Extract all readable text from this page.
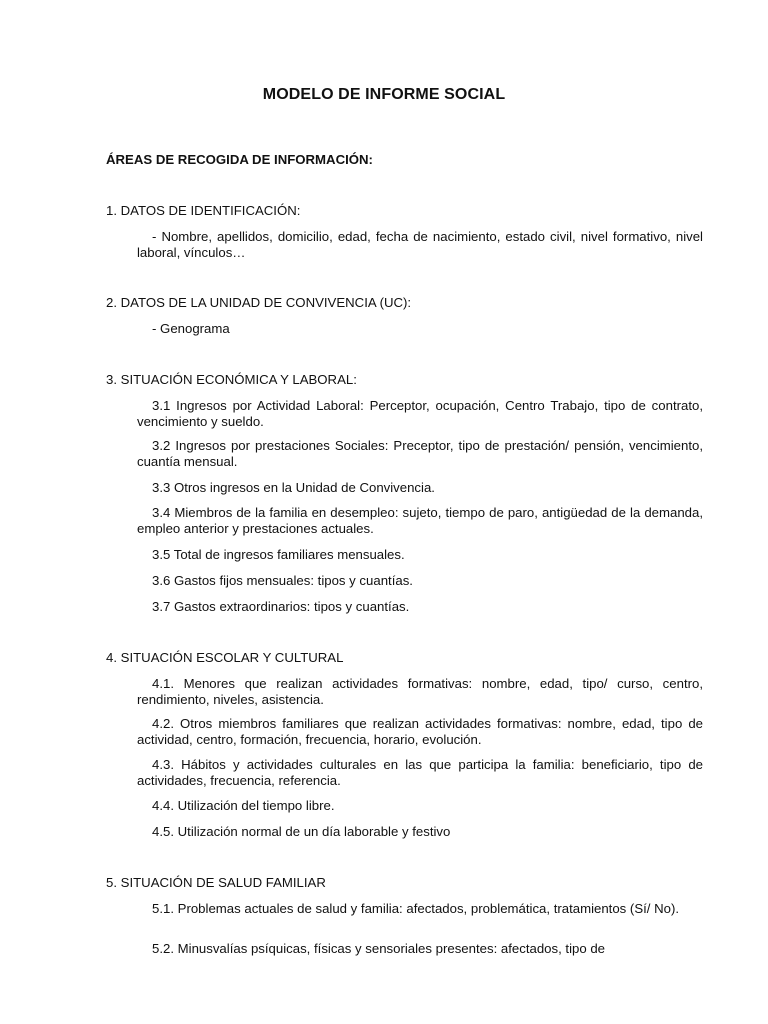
MODELO DE INFORME SOCIAL
ÁREAS DE RECOGIDA DE INFORMACIÓN:
1. DATOS DE IDENTIFICACIÓN:
- Nombre, apellidos, domicilio, edad, fecha de nacimiento, estado civil, nivel formativo, nivel laboral, vínculos…
2. DATOS DE LA UNIDAD DE CONVIVENCIA (UC):
- Genograma
3. SITUACIÓN ECONÓMICA Y LABORAL:
3.1 Ingresos por Actividad Laboral: Perceptor, ocupación, Centro Trabajo, tipo de contrato, vencimiento y sueldo.
3.2 Ingresos por prestaciones Sociales: Preceptor, tipo de prestación/ pensión, vencimiento, cuantía mensual.
3.3 Otros ingresos en la Unidad de Convivencia.
3.4 Miembros de la familia en desempleo: sujeto, tiempo de paro, antigüedad de la demanda, empleo anterior y prestaciones actuales.
3.5 Total de ingresos familiares mensuales.
3.6 Gastos fijos mensuales: tipos y cuantías.
3.7 Gastos extraordinarios: tipos y cuantías.
4. SITUACIÓN ESCOLAR Y CULTURAL
4.1. Menores que realizan actividades formativas: nombre, edad, tipo/ curso, centro, rendimiento, niveles, asistencia.
4.2. Otros miembros familiares que realizan actividades formativas: nombre, edad, tipo de actividad, centro, formación, frecuencia, horario, evolución.
4.3. Hábitos y actividades culturales en las que participa la familia: beneficiario, tipo de actividades, frecuencia, referencia.
4.4. Utilización del tiempo libre.
4.5. Utilización normal de un día laborable y festivo
5. SITUACIÓN DE SALUD FAMILIAR
5.1. Problemas actuales de salud y familia: afectados, problemática, tratamientos (Sí/ No).
5.2. Minusvalías psíquicas, físicas y sensoriales presentes: afectados, tipo de
